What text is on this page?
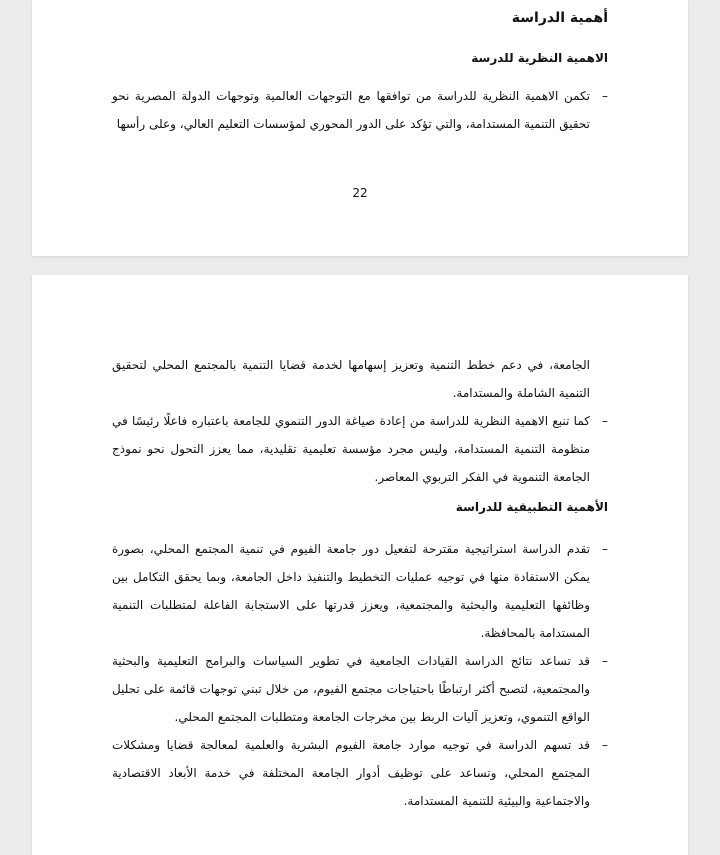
أهمية الدراسة

الاهمية النظرية للدرسة

–
تكمن الاهمية النظرية للدراسة من توافقها مع التوجهات العالمية وتوجهات الدولة المصرية نحو تحقيق التنمية المستدامة، والتي تؤكد على الدور المحوري لمؤسسات التعليم العالي، وعلى رأسها
22

الجامعة، في دعم خطط التنمية وتعزيز إسهامها لخدمة قضايا التنمية بالمجتمع المحلي لتحقيق التنمية الشاملة والمستدامة.

–
كما تنبع الاهمية النظرية للدراسة من إعادة صياغة الدور التنموي للجامعة باعتباره فاعلًا رئيسًا في منظومة التنمية المستدامة، وليس مجرد مؤسسة تعليمية تقليدية، مما يعزز التحول نحو نموذج الجامعة التنموية في الفكر التربوي المعاصر.

الأهمية التطبيقية للدراسة

–
تقدم الدراسة استراتيجية مقترحة لتفعيل دور جامعة الفيوم في تنمية المجتمع المحلي، بصورة يمكن الاستفادة منها في توجيه عمليات التخطيط والتنفيذ داخل الجامعة، وبما يحقق التكامل بين وظائفها التعليمية والبحثية والمجتمعية، ويعزز قدرتها على الاستجابة الفاعلة لمتطلبات التنمية المستدامة بالمحافظة.
–
قد تساعد نتائج الدراسة القيادات الجامعية في تطوير السياسات والبرامج التعليمية والبحثية والمجتمعية، لتصبح أكثر ارتباطًا باحتياجات مجتمع الفيوم، من خلال تبني توجهات قائمة على تحليل الواقع التنموي، وتعزيز آليات الربط بين مخرجات الجامعة ومتطلبات المجتمع المحلي.
–
قد تسهم الدراسة في توجيه موارد جامعة الفيوم البشرية والعلمية لمعالجة قضايا ومشكلات المجتمع المحلي، وتساعد على توظيف أدوار الجامعة المختلفة في خدمة الأبعاد الاقتصادية والاجتماعية والبيئية للتنمية المستدامة.
